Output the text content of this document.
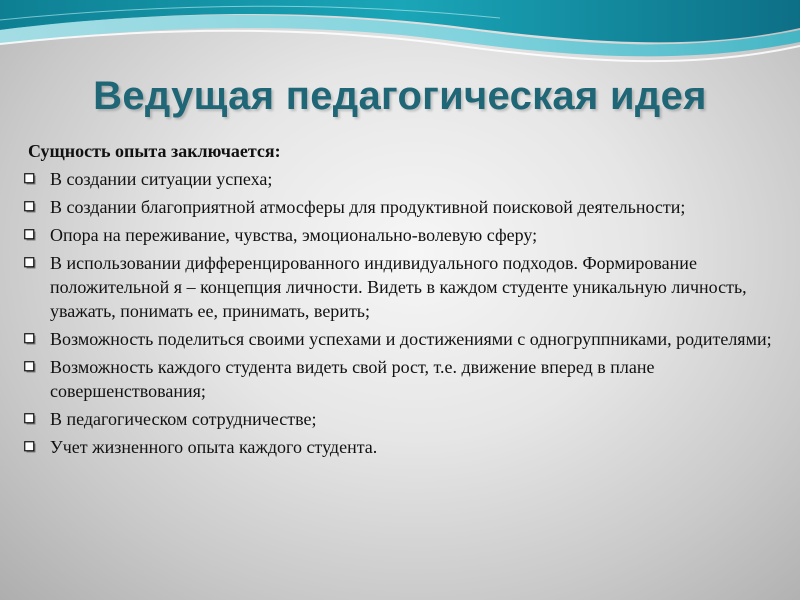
Ведущая педагогическая идея
Сущность опыта заключается:
В создании ситуации успеха;
В создании благоприятной атмосферы для продуктивной поисковой деятельности;
Опора на переживание, чувства, эмоционально-волевую сферу;
В использовании дифференцированного индивидуального подходов. Формирование положительной я – концепция личности. Видеть в каждом студенте уникальную личность, уважать, понимать ее, принимать, верить;
Возможность поделиться своими успехами и достижениями с одногруппниками, родителями;
Возможность каждого студента видеть свой рост, т.е. движение вперед в плане совершенствования;
В педагогическом сотрудничестве;
Учет жизненного опыта каждого студента.
